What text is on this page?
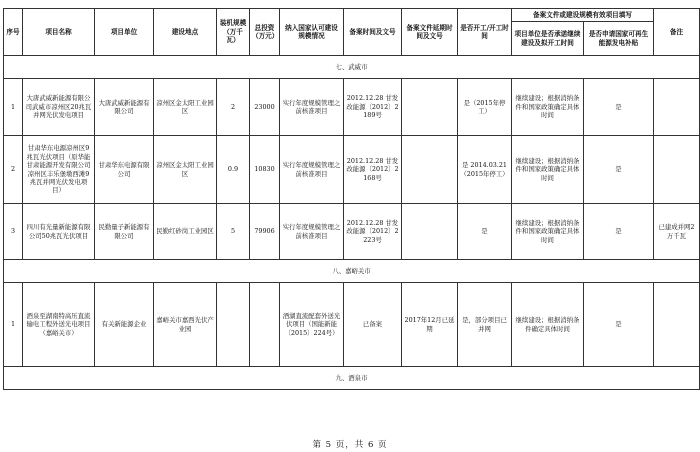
序号	项目名称	项目单位	建设地点	装机规模（万千瓦）	总投资（万元）	纳入国家认可建设规模情况	备案时间及文号	备案文件延期时间及文号	是否开工/开工时间	备案文件或建设规模有效项目填写		备注
										项目单位是否承诺继续建设及拟开工时间	是否申请国家可再生能源发电补贴	
七、武威市												
1	大唐武威新能源有限公司武威市凉州区20兆瓦并网光伏发电项目	大唐武威新能源有限公司	凉州区金太阳工业园区	2	23000	实行年度规模管理之前核准项目	2012.12.28 甘发改能源〔2012〕2189号		是（2015年停工）	继续建设；根据消纳条件和国家政策确定具体时间	是	
2	甘肃华东电源凉州区9兆瓦光伏项目（原华能甘肃能源开发有限公司凉州区丰乐堡墩西滩9兆瓦并网光伏发电项目）	甘肃华东电源有限公司	凉州区金太阳工业园区	0.9	10830	实行年度规模管理之前核准项目	2012.12.28 甘发改能源〔2012〕2168号		是 2014.03.21（2015年停工）	继续建设；根据消纳条件和国家政策确定具体时间	是	
3	四川有光量新能源有限公司50兆瓦光伏项目	民勤量子新能源有限公司	民勤红砂岗工业园区	5	79906	实行年度规模管理之前核准项目	2012.12.28 甘发改能源〔2012〕2223号		是	继续建设；根据消纳条件和国家政策确定具体时间	是	已建成并网2万千瓦
八、嘉峪关市												
1	酒泉至湖南特高压直流输电工程外送光电项目（嘉峪关市）	有关新能源企业	嘉峪关市嘉西光伏产业园			酒湖直流配套外送光伏项目（国能新能〔2015〕224号）	已备案	2017年12月已延期	是，部分项目已并网	继续建设；根据消纳条件确定具体时间	是	
九、酒泉市												
第 5 页，共 6 页
